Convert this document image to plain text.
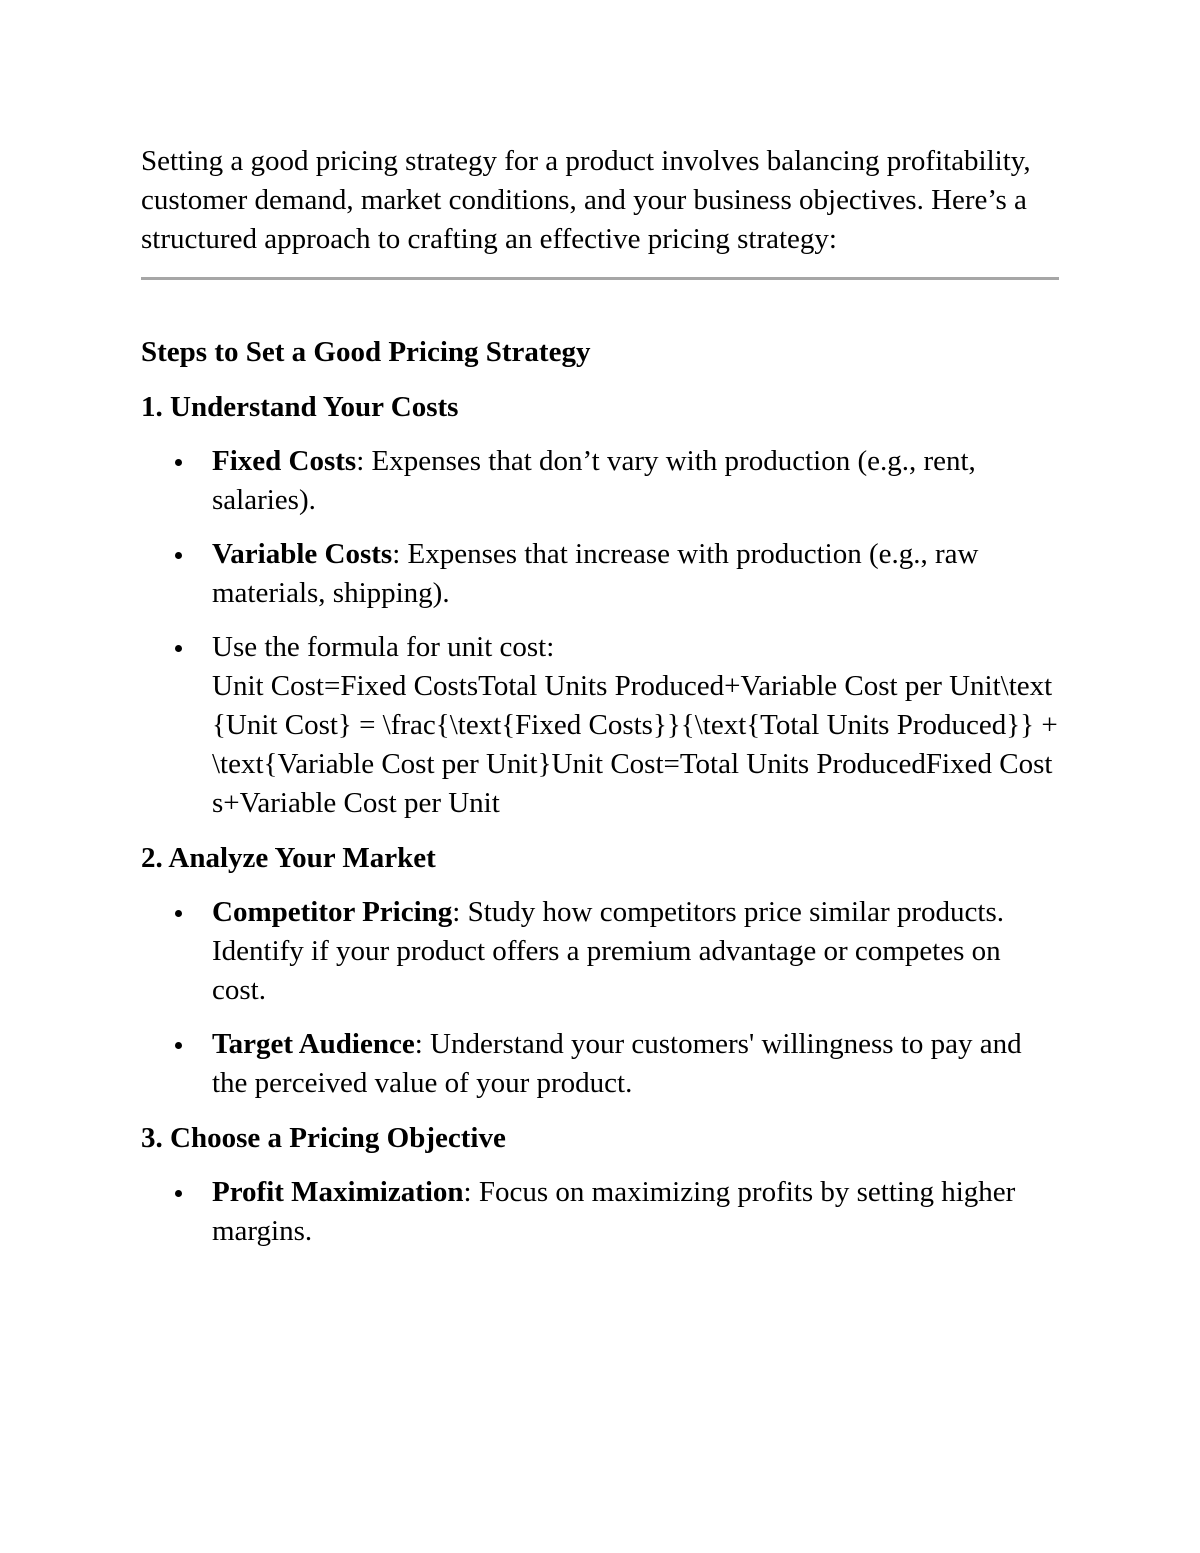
Setting a good pricing strategy for a product involves balancing profitability, customer demand, market conditions, and your business objectives. Here’s a structured approach to crafting an effective pricing strategy:

Steps to Set a Good Pricing Strategy
1. Understand Your Costs
Fixed Costs: Expenses that don’t vary with production (e.g., rent, salaries).
Variable Costs: Expenses that increase with production (e.g., raw materials, shipping).
Use the formula for unit cost:
Unit Cost=Fixed CostsTotal Units Produced+Variable Cost per Unit\text{Unit Cost} = \frac{\text{Fixed Costs}}{\text{Total Units Produced}} + \text{Variable Cost per Unit}Unit Cost=Total Units ProducedFixed Costs+Variable Cost per Unit
2. Analyze Your Market
Competitor Pricing: Study how competitors price similar products. Identify if your product offers a premium advantage or competes on cost.
Target Audience: Understand your customers' willingness to pay and the perceived value of your product.
3. Choose a Pricing Objective
Profit Maximization: Focus on maximizing profits by setting higher margins.
